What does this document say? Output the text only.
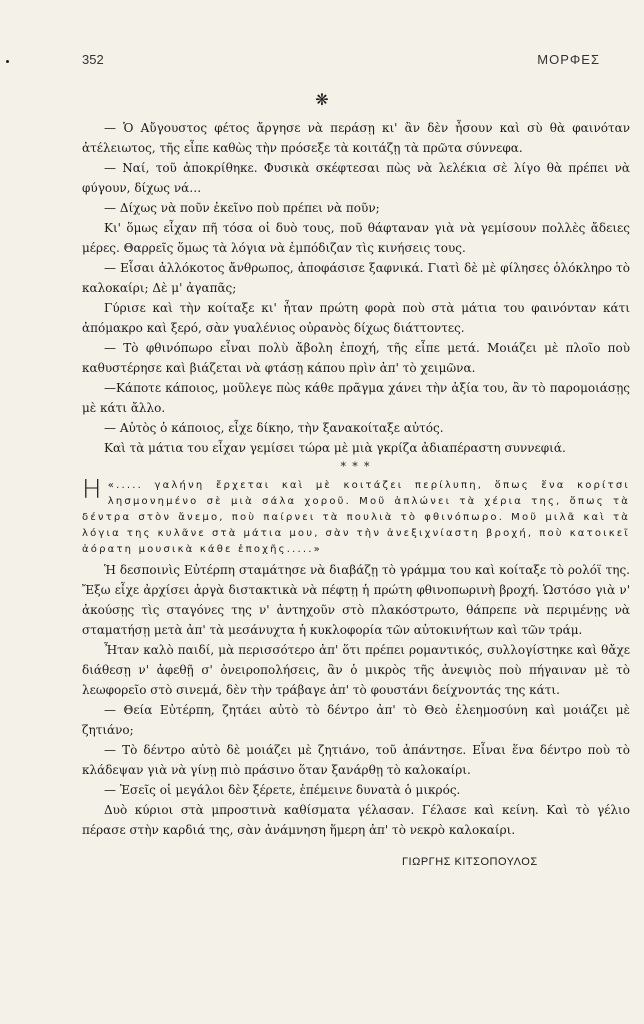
352	ΜΟΡΦΕΣ
❋

— Ὁ Αὔγουστος φέτος ἄργησε νὰ περάσῃ κι' ἂν δὲν ἦσουν καὶ σὺ θὰ φαινόταν ἀτέλειωτος, τῆς εἶπε καθὼς τὴν πρόσεξε τὰ κοιτάζῃ τὰ πρῶτα σύννεφα.

— Ναί, τοῦ ἀποκρίθηκε. Φυσικὰ σκέφτεσαι πὼς νὰ λελέκια σὲ λίγο θὰ πρέπει νὰ φύγουν, δίχως νά…

— Δίχως νὰ ποῦν ἐκεῖνο ποὺ πρέπει νὰ ποῦν;

Κι' ὅμως εἶχαν πῆ τόσα οἱ δυὸ τους, ποῦ θάφταναν γιὰ νὰ γεμίσουν πολλὲς ἄδειες μέρες. Θαρρεῖς ὅμως τὰ λόγια νὰ ἐμπόδιζαν τὶς κινήσεις τους.

— Εἶσαι ἀλλόκοτος ἄνθρωπος, ἀποφάσισε ξαφνικά. Γιατὶ δὲ μὲ φίλησες ὁλόκληρο τὸ καλοκαίρι; Δὲ μ' ἀγαπᾶς;

Γύρισε καὶ τὴν κοίταξε κι' ἦταν πρώτη φορὰ ποὺ στὰ μάτια του φαινόνταν κάτι ἀπόμακρο καὶ ξερό, σὰν γυαλένιος οὐρανὸς δίχως διάττοντες.

— Τὸ φθινόπωρο εἶναι πολὺ ἄβολη ἐποχή, τῆς εἶπε μετά. Μοιάζει μὲ πλοῖο ποὺ καθυστέρησε καὶ βιάζεται νὰ φτάσῃ κάπου πρὶν ἀπ' τὸ χειμῶνα.

—Κάποτε κάποιος, μοῦλεγε πὼς κάθε πρᾶγμα χάνει τὴν ἀξία του, ἂν τὸ παρομοιάσῃς μὲ κάτι ἄλλο.

— Αὐτὸς ὁ κάποιος, εἶχε δίκηο, τὴν ξανακοίταξε αὐτός.

Καὶ τὰ μάτια του εἶχαν γεμίσει τώρα μὲ μιὰ γκρίζα ἀδιαπέραστη συννεφιά.

* * *

«.....
Η	γαλήνη ἔρχεται καὶ μὲ κοιτάζει περίλυπη, ὅπως ἕνα κορίτσι λησμονημένο σὲ μιὰ σάλα χοροῦ. Μοῦ ἁπλώνει τὰ χέρια της, ὅπως τὰ δέντρα στὸν ἄνεμο, ποὺ παίρνει τὰ πουλιὰ τὸ φθινόπωρο. Μοῦ μιλᾶ καὶ τὰ λόγια της κυλᾶνε στὰ μάτια μου, σὰν τὴν ἀνεξιχνίαστη βροχή, ποὺ κατοικεῖ ἀόρατη μουσικὰ κάθε ἐποχῆς.....»

Ἡ δεσποινὶς Εὐτέρπη σταμάτησε νὰ διαβάζῃ τὸ γράμμα του καὶ κοίταξε τὸ ρολόϊ της. Ἔξω εἶχε ἀρχίσει ἀργὰ διστακτικὰ νὰ πέφτῃ ἡ πρώτη φθινοπωρινὴ βροχή. Ὡστόσο γιὰ ν' ἀκούσῃς τὶς σταγόνες της ν' ἀντηχοῦν στὸ πλακόστρωτο, θάπρεπε νὰ περιμένῃς νὰ σταματήσῃ μετὰ ἀπ' τὰ μεσάνυχτα ἡ κυκλοφορία τῶν αὐτοκινήτων καὶ τῶν τράμ.

Ἦταν καλὸ παιδί, μὰ περισσότερο ἀπ' ὅτι πρέπει ρομαντικός, συλλογίστηκε καὶ θἄχε διάθεσῃ ν' ἀφεθῇ σ' ὀνειροπολήσεις, ἂν ὁ μικρὸς τῆς ἀνεψιὸς ποὺ πήγαιναν μὲ τὸ λεωφορεῖο στὸ σινεμά, δὲν τὴν τράβαγε ἀπ' τὸ φουστάνι δείχνοντάς της κάτι.

— Θεία Εὐτέρπη, ζητάει αὐτὸ τὸ δέντρο ἀπ' τὸ Θεὸ ἐλεημοσύνη καὶ μοιάζει μὲ ζητιάνο;

— Τὸ δέντρο αὐτὸ δὲ μοιάζει μὲ ζητιάνο, τοῦ ἀπάντησε. Εἶναι ἕνα δέντρο ποὺ τὸ κλάδεψαν γιὰ νὰ γίνῃ πιὸ πράσινο ὅταν ξανάρθῃ τὸ καλοκαίρι.

— Ἐσεῖς οἱ μεγάλοι δὲν ξέρετε, ἐπέμεινε δυνατὰ ὁ μικρός.

Δυὸ κύριοι στὰ μπροστινὰ καθίσματα γέλασαν. Γέλασε καὶ κείνη. Καὶ τὸ γέλιο πέρασε στὴν καρδιά της, σὰν ἀνάμνηση ἥμερη ἀπ' τὸ νεκρὸ καλοκαίρι.

ΓΙΩΡΓΗΣ ΚΙΤΣΟΠΟΥΛΟΣ
